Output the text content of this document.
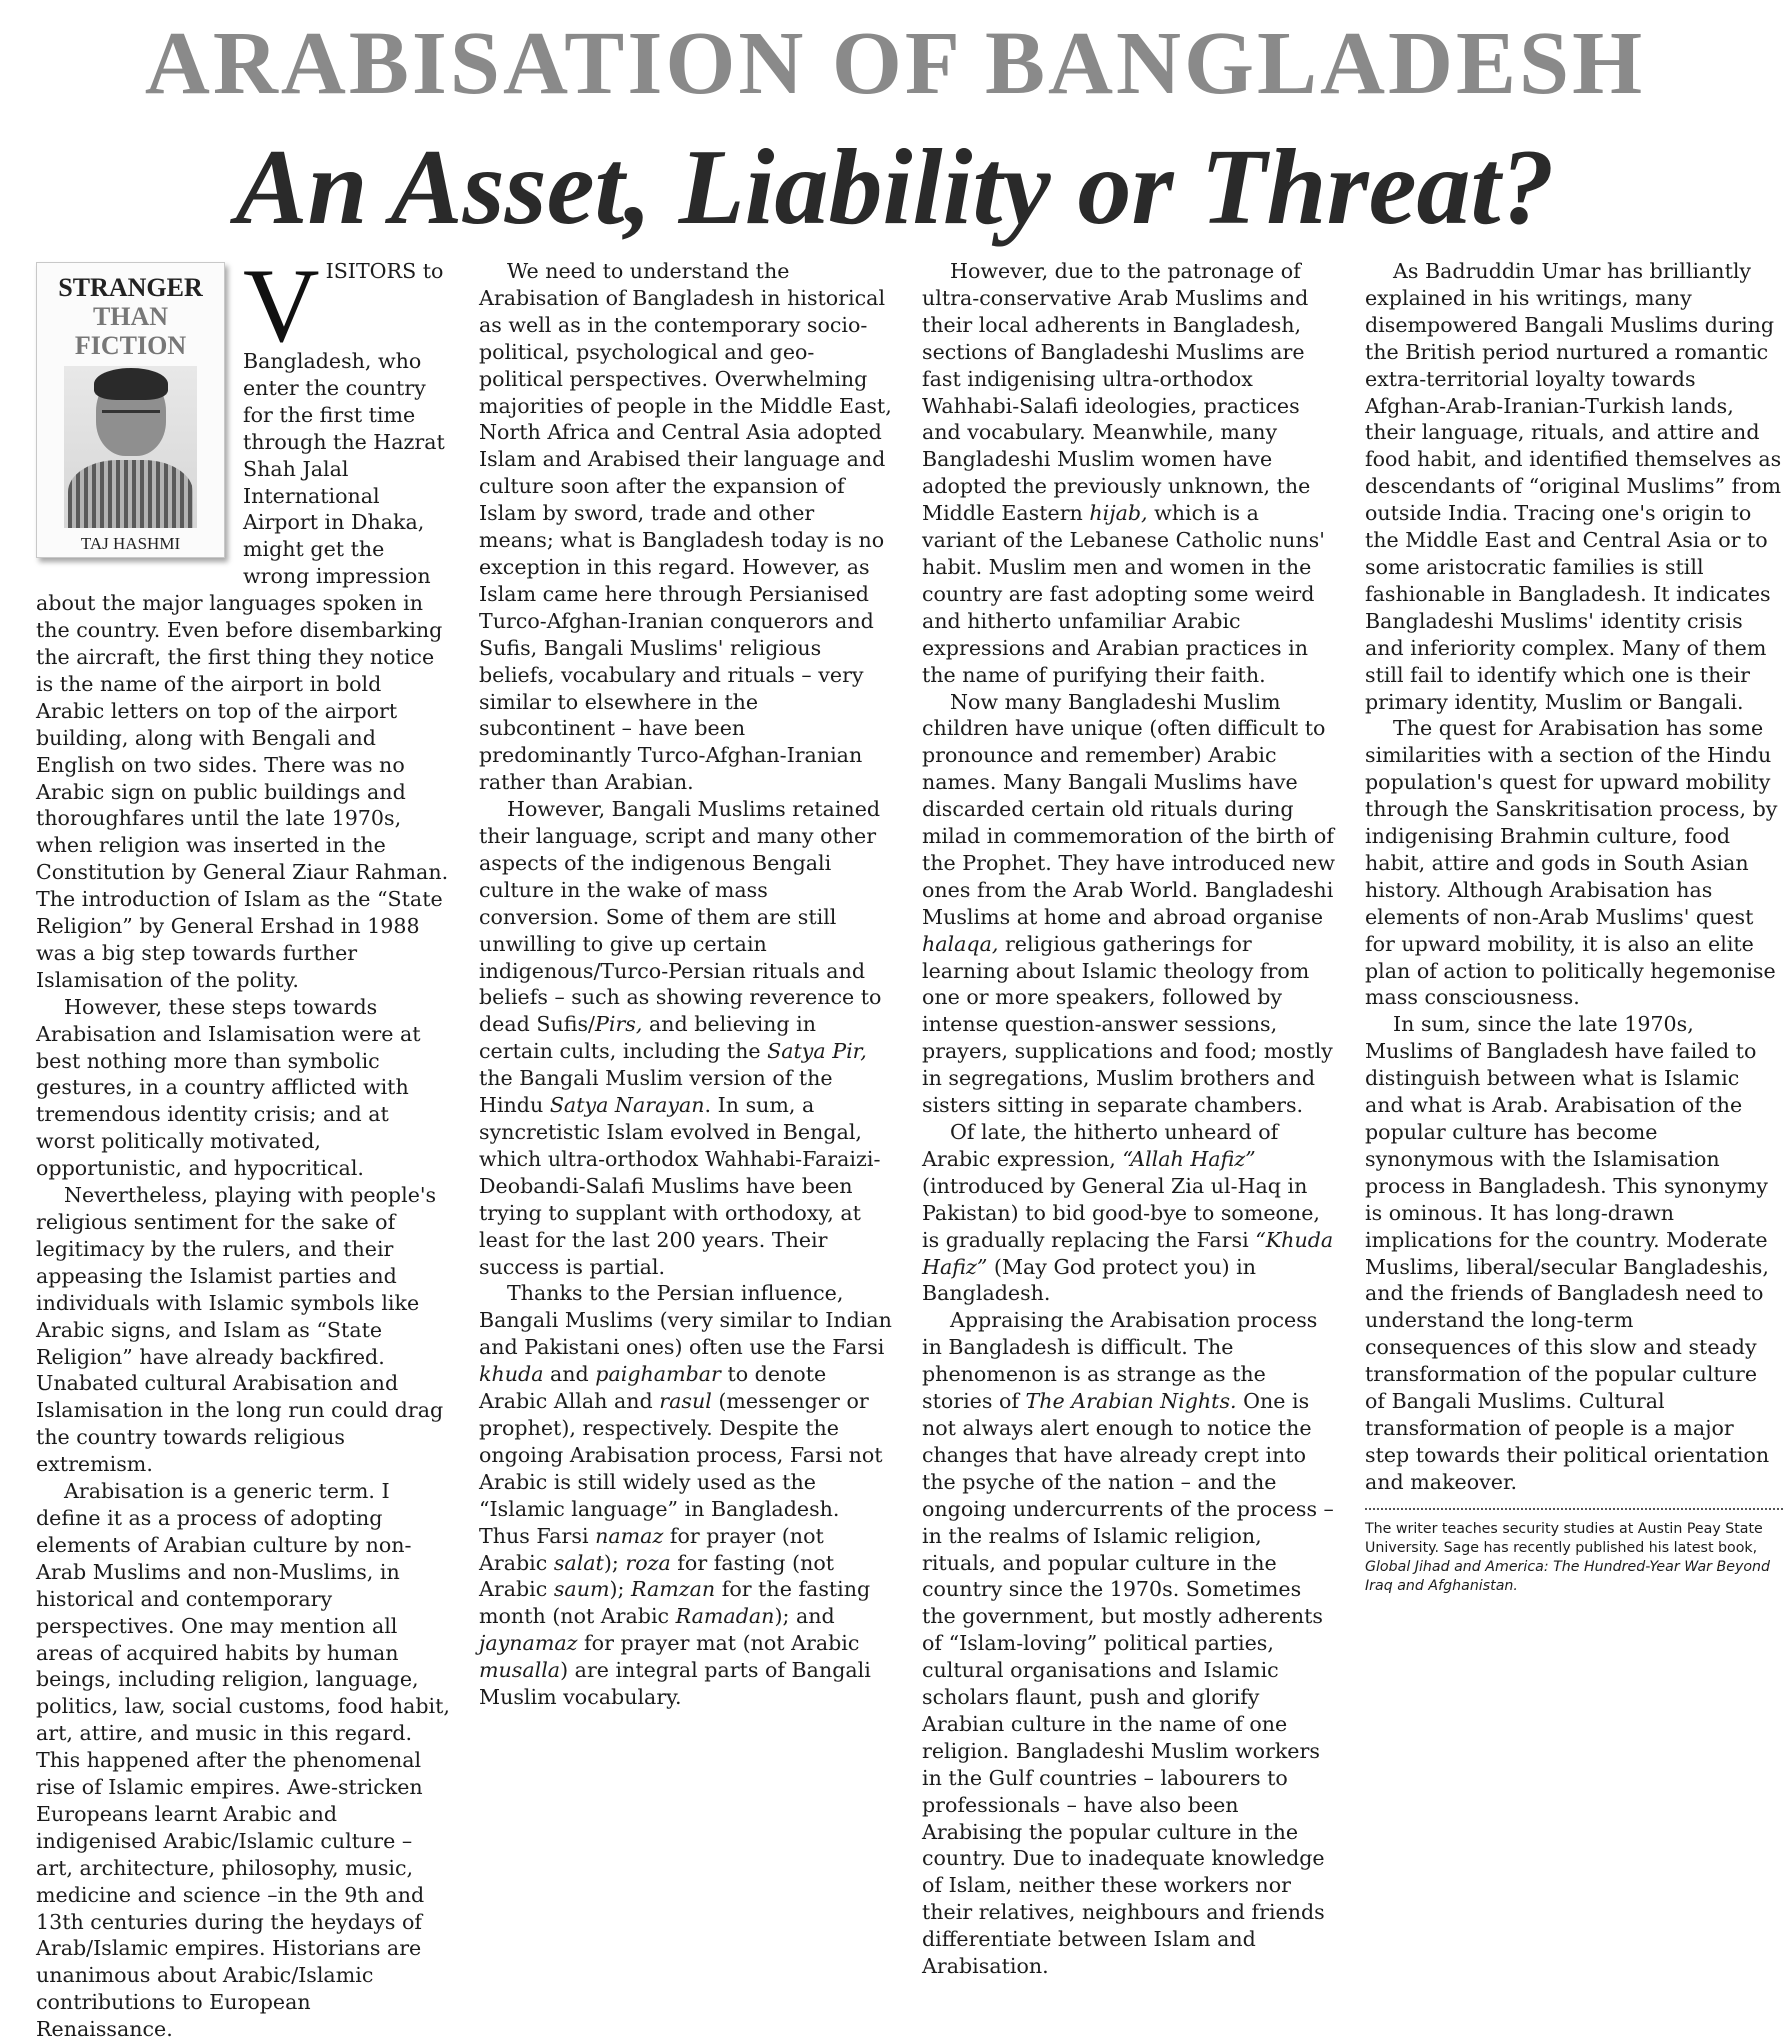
ARABISATION OF BANGLADESH
An Asset, Liability or Threat?
STRANGER
THAN
FICTION
TAJ HASHMI

VISITORS to Bangladesh, who enter the country for the first time through the Hazrat Shah Jalal International Airport in Dhaka, might get the wrong impression about the major languages spoken in the country. Even before disembarking the aircraft, the first thing they notice is the name of the airport in bold Arabic letters on top of the airport building, along with Bengali and English on two sides. There was no Arabic sign on public buildings and thoroughfares until the late 1970s, when religion was inserted in the Constitution by General Ziaur Rahman. The introduction of Islam as the “State Religion” by General Ershad in 1988 was a big step towards further Islamisation of the polity.

However, these steps towards Arabisation and Islamisation were at best nothing more than symbolic gestures, in a country afflicted with tremendous identity crisis; and at worst politically motivated, opportunistic, and hypocritical.

Nevertheless, playing with people's religious sentiment for the sake of legitimacy by the rulers, and their appeasing the Islamist parties and individuals with Islamic symbols like Arabic signs, and Islam as “State Religion” have already backfired. Unabated cultural Arabisation and Islamisation in the long run could drag the country towards religious extremism.

Arabisation is a generic term. I define it as a process of adopting elements of Arabian culture by non-Arab Muslims and non-Muslims, in historical and contemporary perspectives. One may mention all areas of acquired habits by human beings, including religion, language, politics, law, social customs, food habit, art, attire, and music in this regard. This happened after the phenomenal rise of Islamic empires. Awe-stricken Europeans learnt Arabic and indigenised Arabic/Islamic culture – art, architecture, philosophy, music, medicine and science –in the 9th and 13th centuries during the heydays of Arab/Islamic empires. Historians are unanimous about Arabic/Islamic contributions to European Renaissance.

We need to understand the Arabisation of Bangladesh in historical as well as in the contemporary socio-political, psychological and geo-political perspectives. Overwhelming majorities of people in the Middle East, North Africa and Central Asia adopted Islam and Arabised their language and culture soon after the expansion of Islam by sword, trade and other means; what is Bangladesh today is no exception in this regard. However, as Islam came here through Persianised Turco-Afghan-Iranian conquerors and Sufis, Bangali Muslims' religious beliefs, vocabulary and rituals – very similar to elsewhere in the subcontinent – have been predominantly Turco-Afghan-Iranian rather than Arabian.

However, Bangali Muslims retained their language, script and many other aspects of the indigenous Bengali culture in the wake of mass conversion. Some of them are still unwilling to give up certain indigenous/Turco-Persian rituals and beliefs – such as showing reverence to dead Sufis/Pirs, and believing in certain cults, including the Satya Pir, the Bangali Muslim version of the Hindu Satya Narayan. In sum, a syncretistic Islam evolved in Bengal, which ultra-orthodox Wahhabi-Faraizi-Deobandi-Salafi Muslims have been trying to supplant with orthodoxy, at least for the last 200 years. Their success is partial.

Thanks to the Persian influence, Bangali Muslims (very similar to Indian and Pakistani ones) often use the Farsi khuda and paighambar to denote Arabic Allah and rasul (messenger or prophet), respectively. Despite the ongoing Arabisation process, Farsi not Arabic is still widely used as the “Islamic language” in Bangladesh. Thus Farsi namaz for prayer (not Arabic salat); roza for fasting (not Arabic saum); Ramzan for the fasting month (not Arabic Ramadan); and jaynamaz for prayer mat (not Arabic musalla) are integral parts of Bangali Muslim vocabulary.

However, due to the patronage of ultra-conservative Arab Muslims and their local adherents in Bangladesh, sections of Bangladeshi Muslims are fast indigenising ultra-orthodox Wahhabi-Salafi ideologies, practices and vocabulary. Meanwhile, many Bangladeshi Muslim women have adopted the previously unknown, the Middle Eastern hijab, which is a variant of the Lebanese Catholic nuns' habit. Muslim men and women in the country are fast adopting some weird and hitherto unfamiliar Arabic expressions and Arabian practices in the name of purifying their faith.

Now many Bangladeshi Muslim children have unique (often difficult to pronounce and remember) Arabic names. Many Bangali Muslims have discarded certain old rituals during milad in commemoration of the birth of the Prophet. They have introduced new ones from the Arab World. Bangladeshi Muslims at home and abroad organise halaqa, religious gatherings for learning about Islamic theology from one or more speakers, followed by intense question-answer sessions, prayers, supplications and food; mostly in segregations, Muslim brothers and sisters sitting in separate chambers.

Of late, the hitherto unheard of Arabic expression, “Allah Hafiz” (introduced by General Zia ul-Haq in Pakistan) to bid good-bye to someone, is gradually replacing the Farsi “Khuda Hafiz” (May God protect you) in Bangladesh.

Appraising the Arabisation process in Bangladesh is difficult. The phenomenon is as strange as the stories of The Arabian Nights. One is not always alert enough to notice the changes that have already crept into the psyche of the nation – and the ongoing undercurrents of the process – in the realms of Islamic religion, rituals, and popular culture in the country since the 1970s. Sometimes the government, but mostly adherents of “Islam-loving” political parties, cultural organisations and Islamic scholars flaunt, push and glorify Arabian culture in the name of one religion. Bangladeshi Muslim workers in the Gulf countries – labourers to professionals – have also been Arabising the popular culture in the country. Due to inadequate knowledge of Islam, neither these workers nor their relatives, neighbours and friends differentiate between Islam and Arabisation.

As Badruddin Umar has brilliantly explained in his writings, many disempowered Bangali Muslims during the British period nurtured a romantic extra-territorial loyalty towards Afghan-Arab-Iranian-Turkish lands, their language, rituals, and attire and food habit, and identified themselves as descendants of “original Muslims” from outside India. Tracing one's origin to the Middle East and Central Asia or to some aristocratic families is still fashionable in Bangladesh. It indicates Bangladeshi Muslims' identity crisis and inferiority complex. Many of them still fail to identify which one is their primary identity, Muslim or Bangali.

The quest for Arabisation has some similarities with a section of the Hindu population's quest for upward mobility through the Sanskritisation process, by indigenising Brahmin culture, food habit, attire and gods in South Asian history. Although Arabisation has elements of non-Arab Muslims' quest for upward mobility, it is also an elite plan of action to politically hegemonise mass consciousness.

In sum, since the late 1970s, Muslims of Bangladesh have failed to distinguish between what is Islamic and what is Arab. Arabisation of the popular culture has become synonymous with the Islamisation process in Bangladesh. This synonymy is ominous. It has long-drawn implications for the country. Moderate Muslims, liberal/secular Bangladeshis, and the friends of Bangladesh need to understand the long-term consequences of this slow and steady transformation of the popular culture of Bangali Muslims. Cultural transformation of people is a major step towards their political orientation and makeover.

The writer teaches security studies at Austin Peay State University. Sage has recently published his latest book, Global Jihad and America: The Hundred-Year War Beyond Iraq and Afghanistan.
